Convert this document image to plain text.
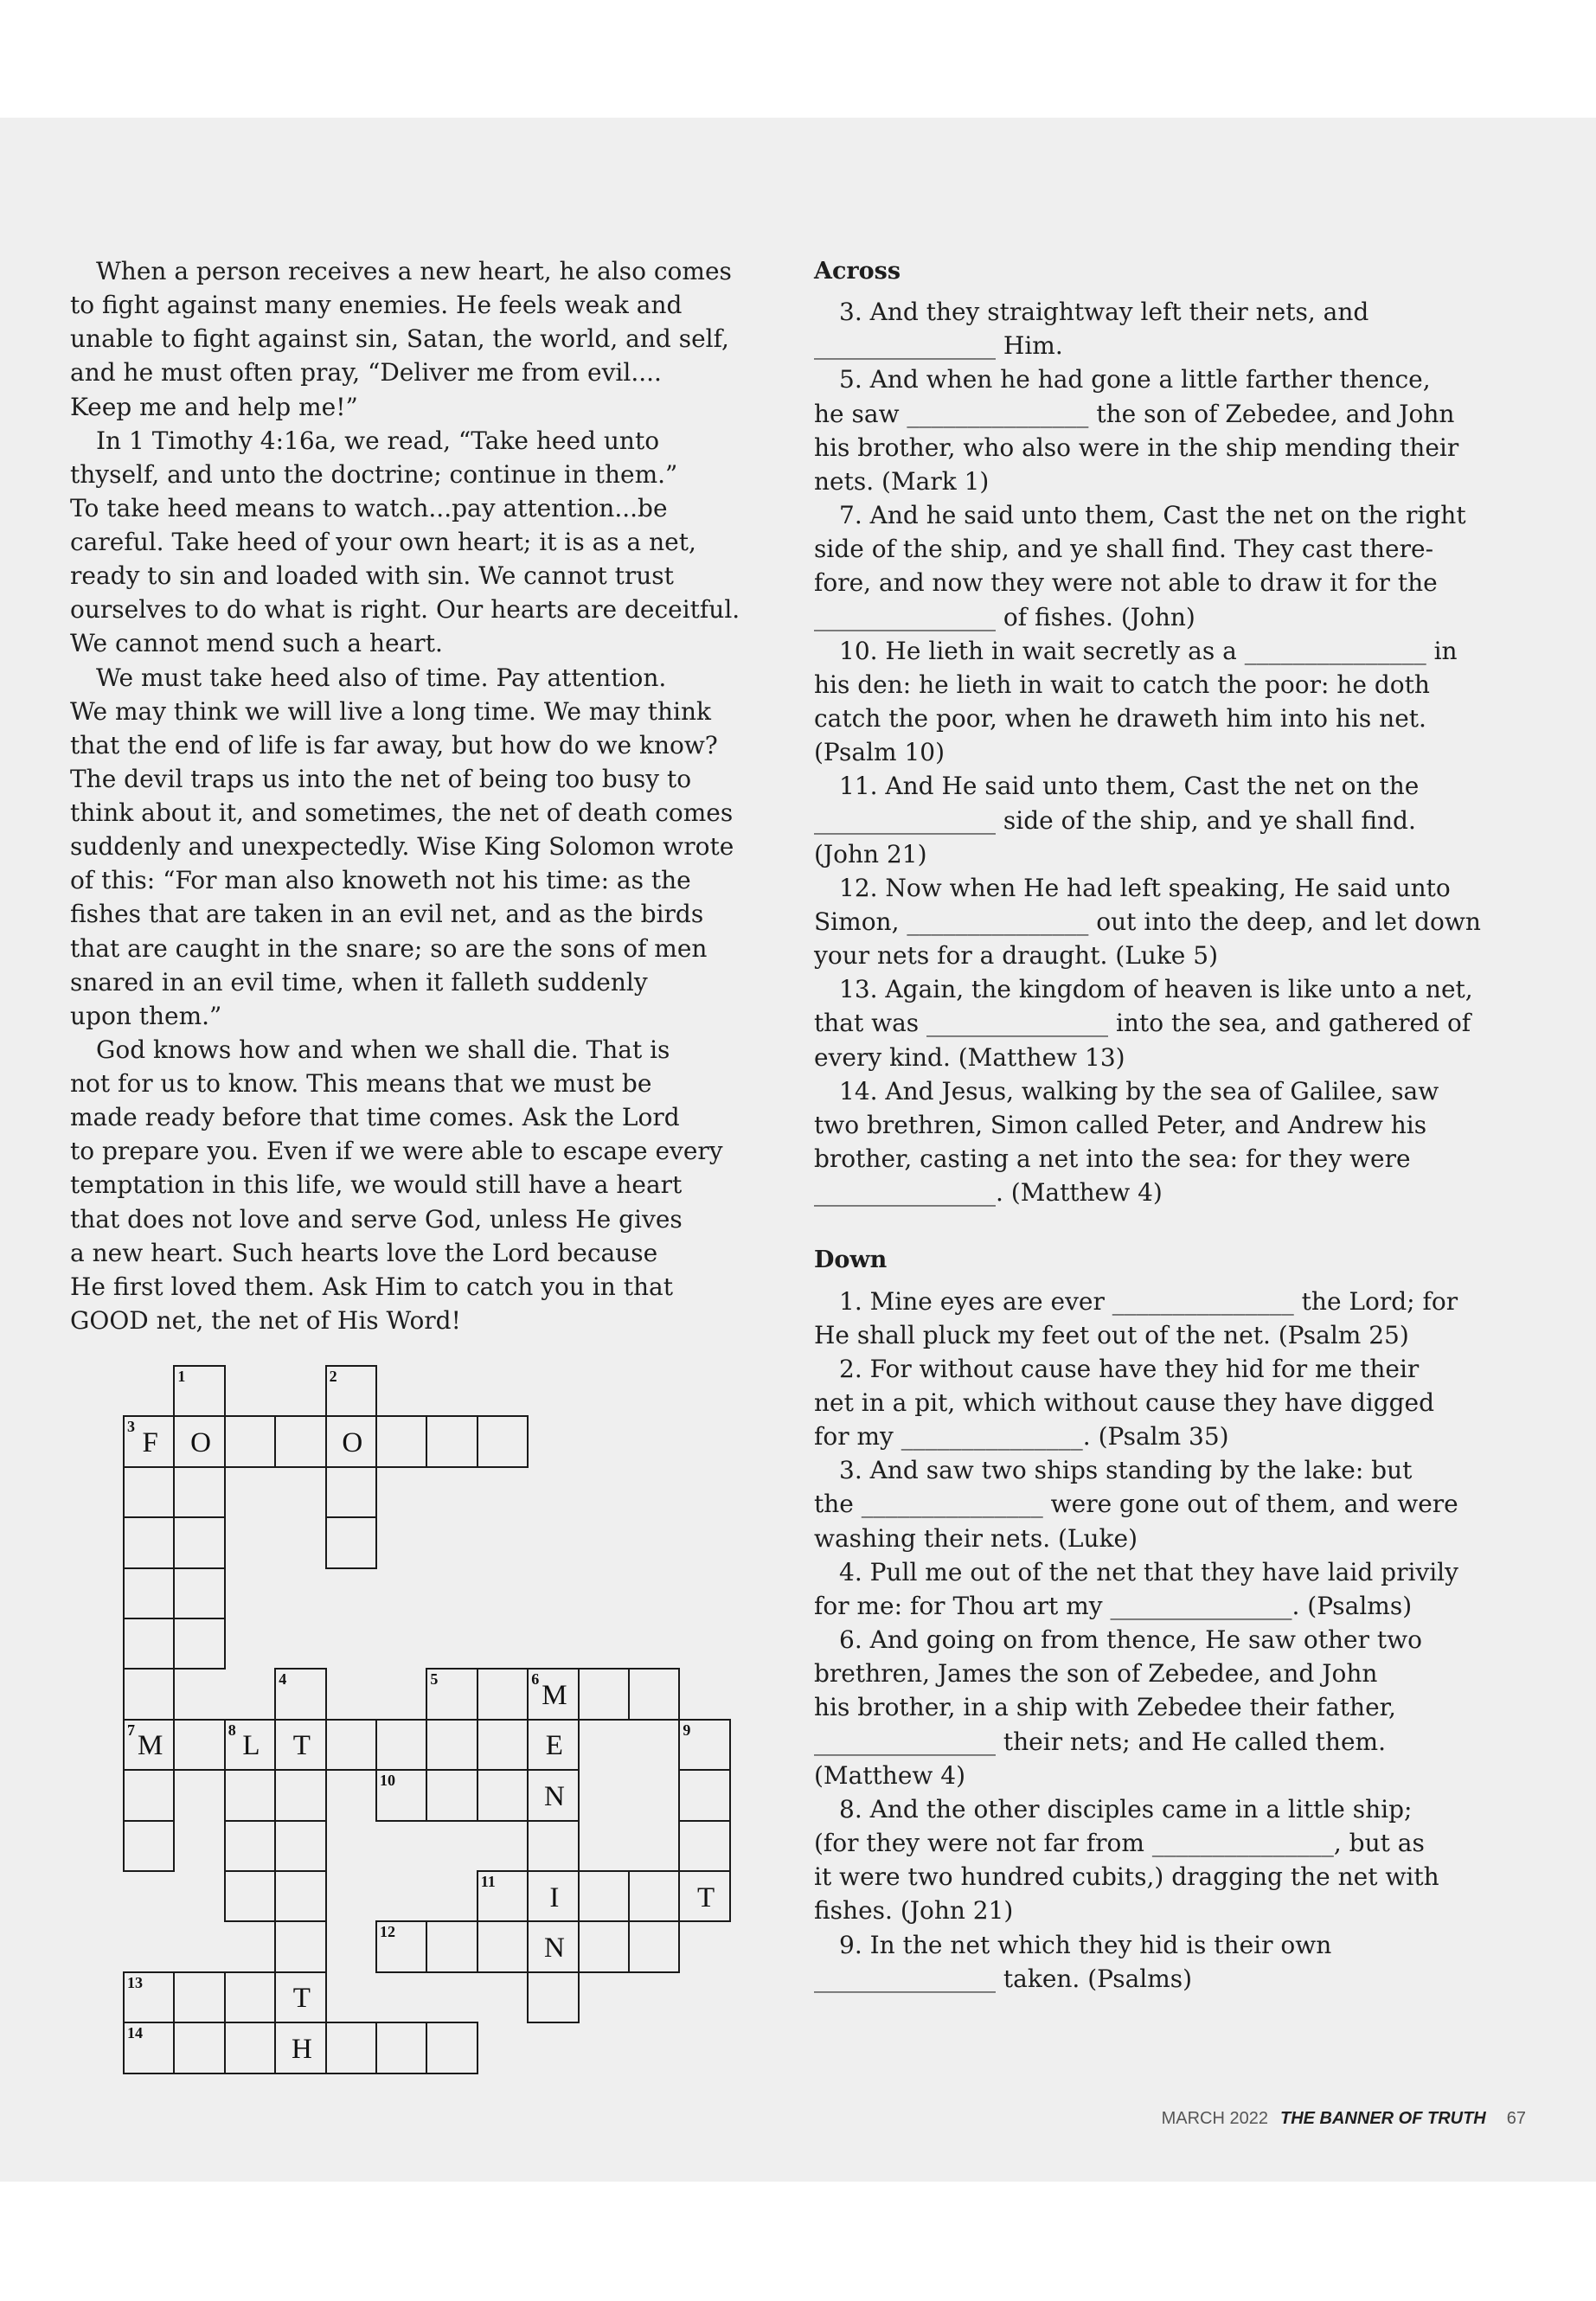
When a person receives a new heart, he also comes
to fight against many enemies. He feels weak and
unable to fight against sin, Satan, the world, and self,
and he must often pray, “Deliver me from evil....
Keep me and help me!”

In 1 Timothy 4:16a, we read, “Take heed unto
thyself, and unto the doctrine; continue in them.”
To take heed means to watch...pay attention...be
careful. Take heed of your own heart; it is as a net,
ready to sin and loaded with sin. We cannot trust
ourselves to do what is right. Our hearts are deceitful.
We cannot mend such a heart.

We must take heed also of time. Pay attention.
We may think we will live a long time. We may think
that the end of life is far away, but how do we know?
The devil traps us into the net of being too busy to
think about it, and sometimes, the net of death comes
suddenly and unexpectedly. Wise King Solomon wrote
of this: “For man also knoweth not his time: as the
fishes that are taken in an evil net, and as the birds
that are caught in the snare; so are the sons of men
snared in an evil time, when it falleth suddenly
upon them.”

God knows how and when we shall die. That is
not for us to know. This means that we must be
made ready before that time comes. Ask the Lord
to prepare you. Even if we were able to escape every
temptation in this life, we would still have a heart
that does not love and serve God, unless He gives
a new heart. Such hearts love the Lord because
He first loved them. Ask Him to catch you in that
GOOD net, the net of His Word!

1	2
3
F	O	O
4	5	6
M
7
M
8
L	T	E
9
10
N
11
I	T
12
N
13
T
14
H
Across
3. And they straightway left their nets, and
_______________ Him.
5. And when he had gone a little farther thence,
he saw _______________ the son of Zebedee, and John
his brother, who also were in the ship mending their
nets. (Mark 1)
7. And he said unto them, Cast the net on the right
side of the ship, and ye shall find. They cast there-
fore, and now they were not able to draw it for the
_______________ of fishes. (John)
10. He lieth in wait secretly as a _______________ in
his den: he lieth in wait to catch the poor: he doth
catch the poor, when he draweth him into his net.
(Psalm 10)
11. And He said unto them, Cast the net on the
_______________ side of the ship, and ye shall find.
(John 21)
12. Now when He had left speaking, He said unto
Simon, _______________ out into the deep, and let down
your nets for a draught. (Luke 5)
13. Again, the kingdom of heaven is like unto a net,
that was _______________ into the sea, and gathered of
every kind. (Matthew 13)
14. And Jesus, walking by the sea of Galilee, saw
two brethren, Simon called Peter, and Andrew his
brother, casting a net into the sea: for they were
_______________. (Matthew 4)
Down
1. Mine eyes are ever _______________ the Lord; for
He shall pluck my feet out of the net. (Psalm 25)
2. For without cause have they hid for me their
net in a pit, which without cause they have digged
for my _______________. (Psalm 35)
3. And saw two ships standing by the lake: but
the _______________ were gone out of them, and were
washing their nets. (Luke)
4. Pull me out of the net that they have laid privily
for me: for Thou art my _______________. (Psalms)
6. And going on from thence, He saw other two
brethren, James the son of Zebedee, and John
his brother, in a ship with Zebedee their father,
_______________ their nets; and He called them.
(Matthew 4)
8. And the other disciples came in a little ship;
(for they were not far from _______________, but as
it were two hundred cubits,) dragging the net with
fishes. (John 21)
9. In the net which they hid is their own
_______________ taken. (Psalms)
MARCH 2022 THE BANNER OF TRUTH 67
